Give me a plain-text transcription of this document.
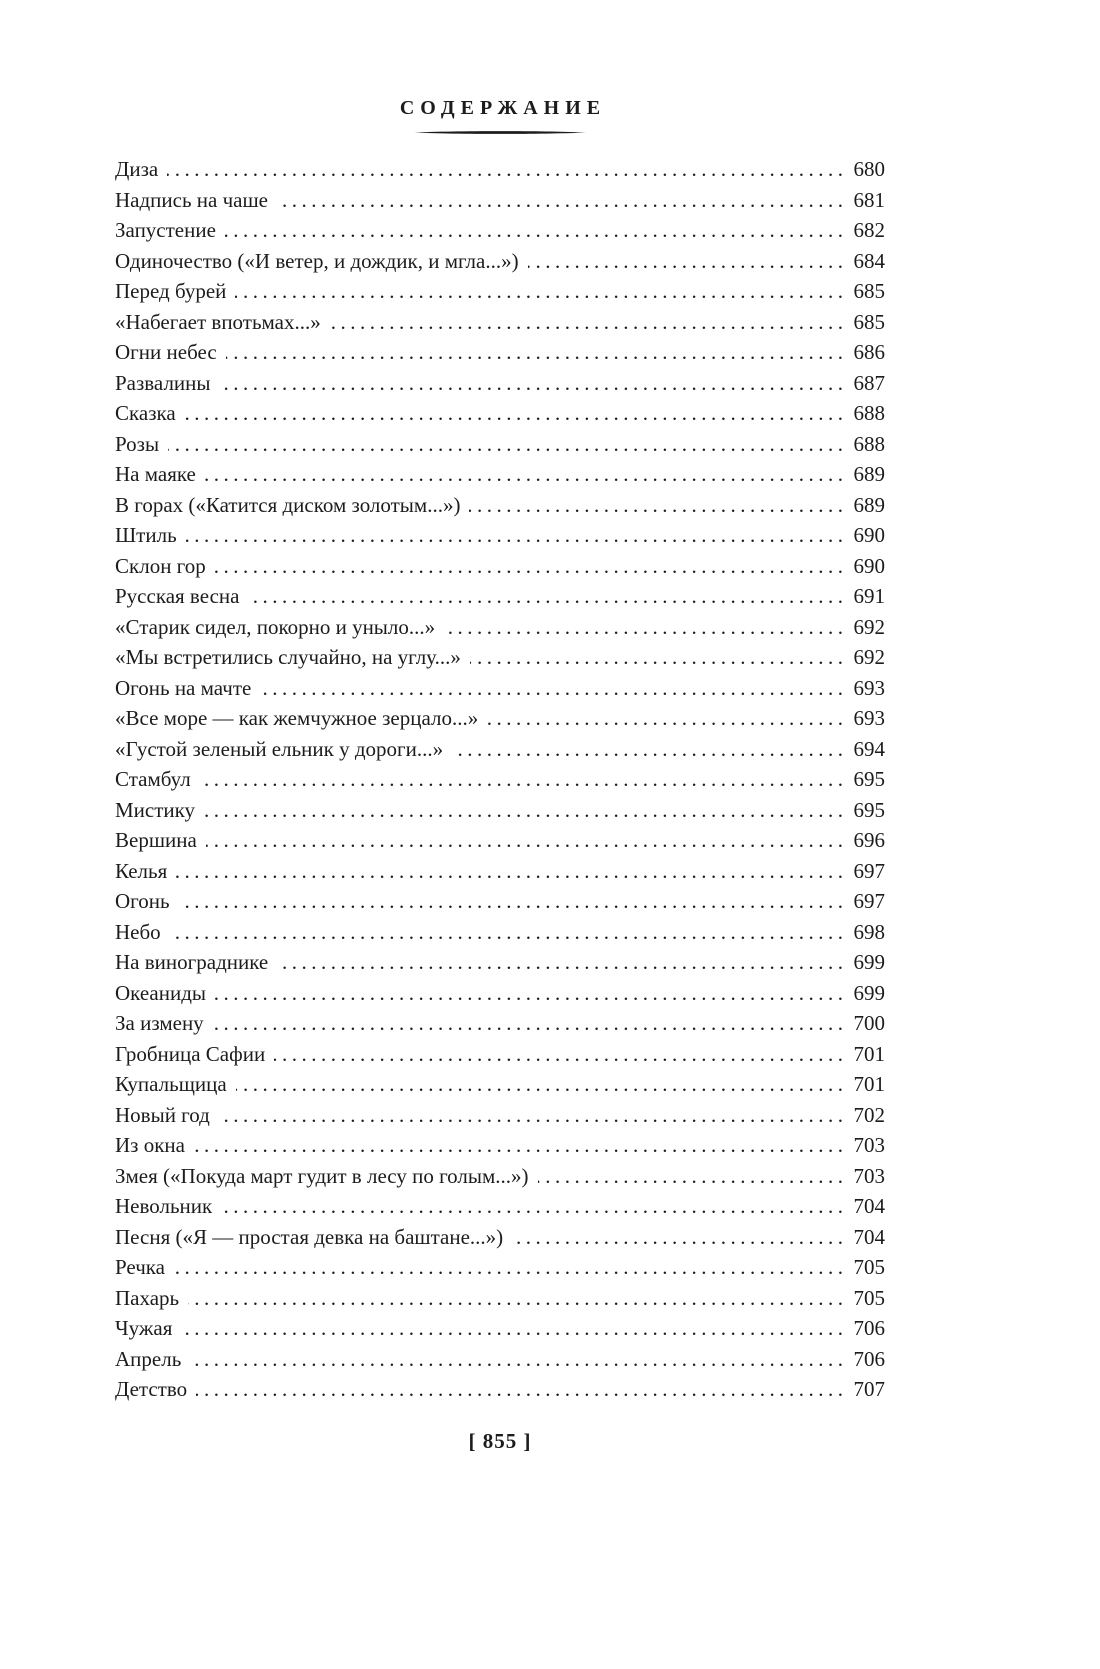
СОДЕРЖАНИЕ
Диза .....	680
Надпись на чаше .....	681
Запустение .....	682
Одиночество («И ветер, и дождик, и мгла...») .....	684
Перед бурей .....	685
«Набегает впотьмах...» .....	685
Огни небес .....	686
Развалины .....	687
Сказка .....	688
Розы .....	688
На маяке .....	689
В горах («Катится диском золотым...») .....	689
Штиль .....	690
Склон гор .....	690
Русская весна .....	691
«Старик сидел, покорно и уныло...» .....	692
«Мы встретились случайно, на углу...» .....	692
Огонь на мачте .....	693
«Все море — как жемчужное зерцало...» .....	693
«Густой зеленый ельник у дороги...» .....	694
Стамбул .....	695
Мистику .....	695
Вершина .....	696
Келья .....	697
Огонь .....	697
Небо .....	698
На винограднике .....	699
Океаниды .....	699
За измену .....	700
Гробница Сафии .....	701
Купальщица .....	701
Новый год .....	702
Из окна .....	703
Змея («Покуда март гудит в лесу по голым...») .....	703
Невольник .....	704
Песня («Я — простая девка на баштане...») .....	704
Речка .....	705
Пахарь .....	705
Чужая .....	706
Апрель .....	706
Детство .....	707
[ 855 ]
